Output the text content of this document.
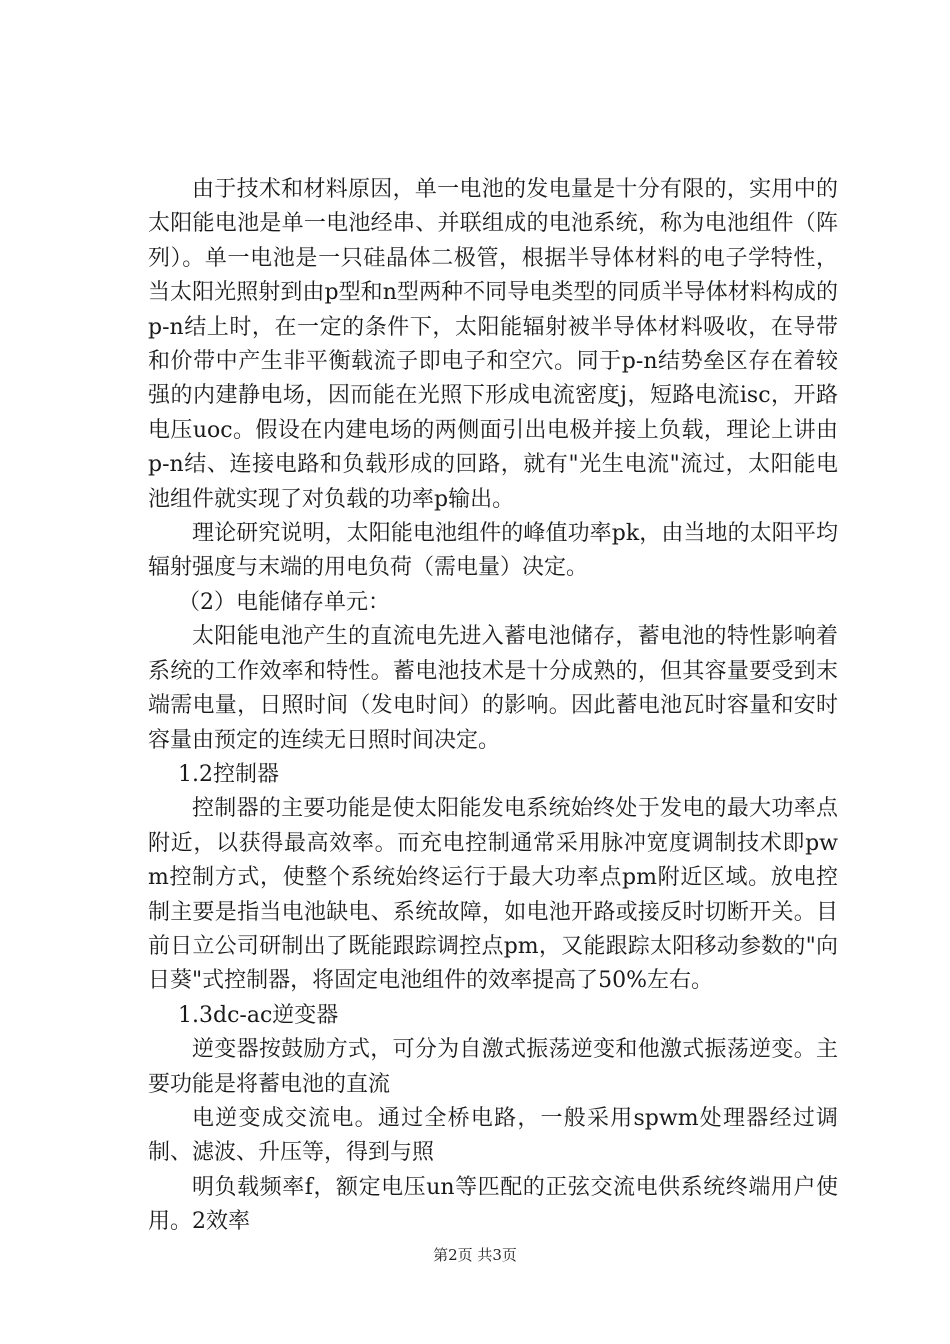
由于技术和材料原因，单一电池的发电量是十分有限的，实用中的太阳能电池是单一电池经串、并联组成的电池系统，称为电池组件（阵列）。单一电池是一只硅晶体二极管，根据半导体材料的电子学特性，当太阳光照射到由p型和n型两种不同导电类型的同质半导体材料构成的p-n结上时，在一定的条件下，太阳能辐射被半导体材料吸收，在导带和价带中产生非平衡载流子即电子和空穴。同于p-n结势垒区存在着较强的内建静电场，因而能在光照下形成电流密度j，短路电流isc，开路电压uoc。假设在内建电场的两侧面引出电极并接上负载，理论上讲由p-n结、连接电路和负载形成的回路，就有"光生电流"流过，太阳能电池组件就实现了对负载的功率p输出。

理论研究说明，太阳能电池组件的峰值功率pk，由当地的太阳平均辐射强度与末端的用电负荷（需电量）决定。

（2）电能储存单元：

太阳能电池产生的直流电先进入蓄电池储存，蓄电池的特性影响着系统的工作效率和特性。蓄电池技术是十分成熟的，但其容量要受到末端需电量，日照时间（发电时间）的影响。因此蓄电池瓦时容量和安时容量由预定的连续无日照时间决定。

1.2控制器

控制器的主要功能是使太阳能发电系统始终处于发电的最大功率点附近，以获得最高效率。而充电控制通常采用脉冲宽度调制技术即pwm控制方式，使整个系统始终运行于最大功率点pm附近区域。放电控制主要是指当电池缺电、系统故障，如电池开路或接反时切断开关。目前日立公司研制出了既能跟踪调控点pm，又能跟踪太阳移动参数的"向日葵"式控制器，将固定电池组件的效率提高了50%左右。

1.3dc-ac逆变器

逆变器按鼓励方式，可分为自激式振荡逆变和他激式振荡逆变。主要功能是将蓄电池的直流

电逆变成交流电。通过全桥电路，一般采用spwm处理器经过调制、滤波、升压等，得到与照

明负载频率f，额定电压un等匹配的正弦交流电供系统终端用户使用。2效率

第2页 共3页
